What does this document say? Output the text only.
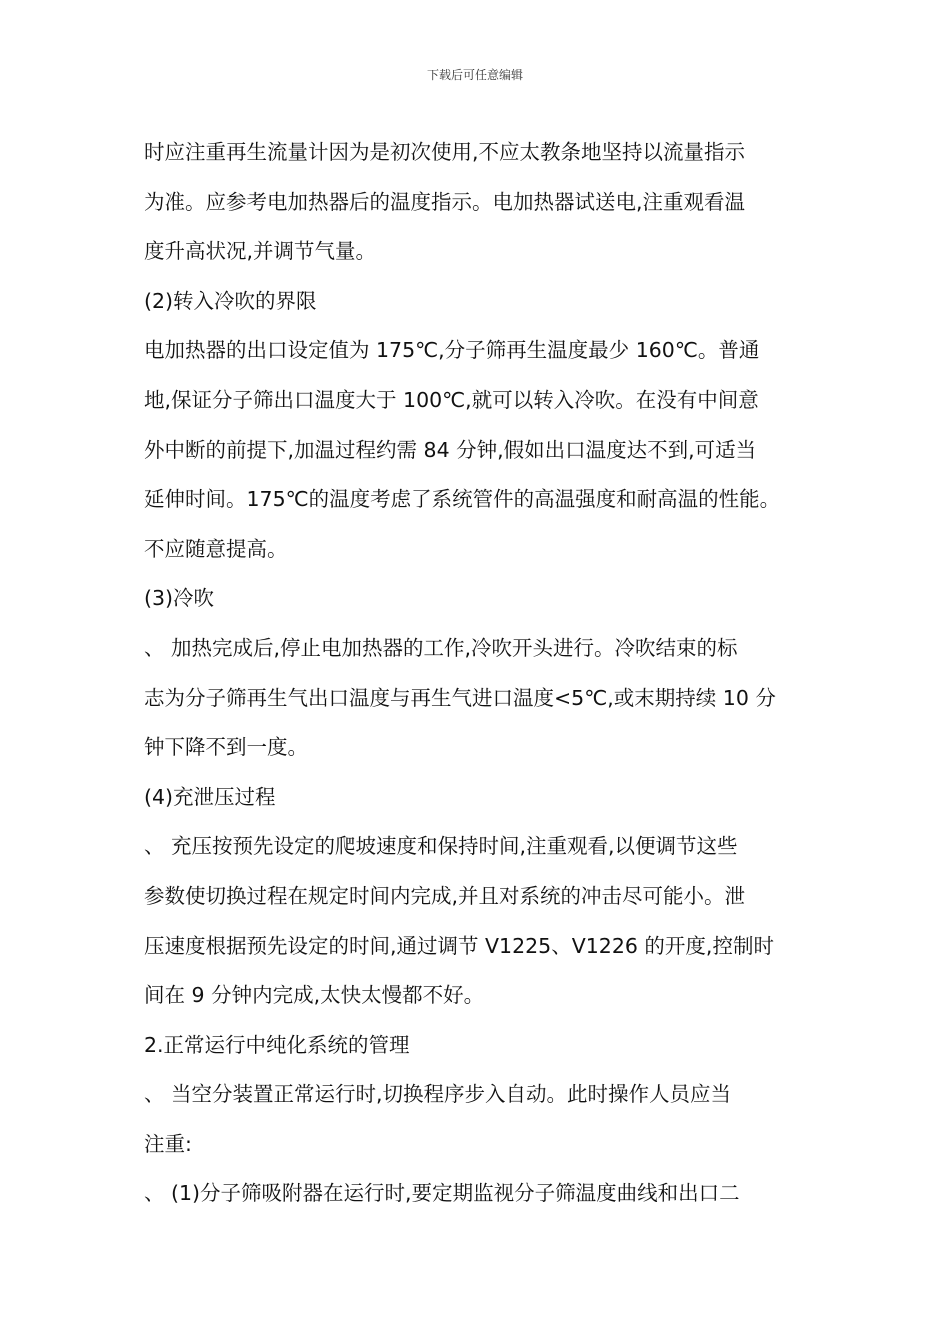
下载后可任意编辑
时应注重再生流量计因为是初次使用,不应太教条地坚持以流量指示
为准。应参考电加热器后的温度指示。电加热器试送电,注重观看温
度升高状况,并调节气量。
(2)转入冷吹的界限
电加热器的出口设定值为 175℃,分子筛再生温度最少 160℃。普通
地,保证分子筛出口温度大于 100℃,就可以转入冷吹。在没有中间意
外中断的前提下,加温过程约需 84 分钟,假如出口温度达不到,可适当
延伸时间。175℃的温度考虑了系统管件的高温强度和耐高温的性能。
不应随意提高。
(3)冷吹
、 加热完成后,停止电加热器的工作,冷吹开头进行。冷吹结束的标
志为分子筛再生气出口温度与再生气进口温度<5℃,或末期持续 10 分
钟下降不到一度。
(4)充泄压过程
、 充压按预先设定的爬坡速度和保持时间,注重观看,以便调节这些
参数使切换过程在规定时间内完成,并且对系统的冲击尽可能小。泄
压速度根据预先设定的时间,通过调节 V1225、V1226 的开度,控制时
间在 9 分钟内完成,太快太慢都不好。
2.正常运行中纯化系统的管理
、 当空分装置正常运行时,切换程序步入自动。此时操作人员应当
注重:
、 (1)分子筛吸附器在运行时,要定期监视分子筛温度曲线和出口二
